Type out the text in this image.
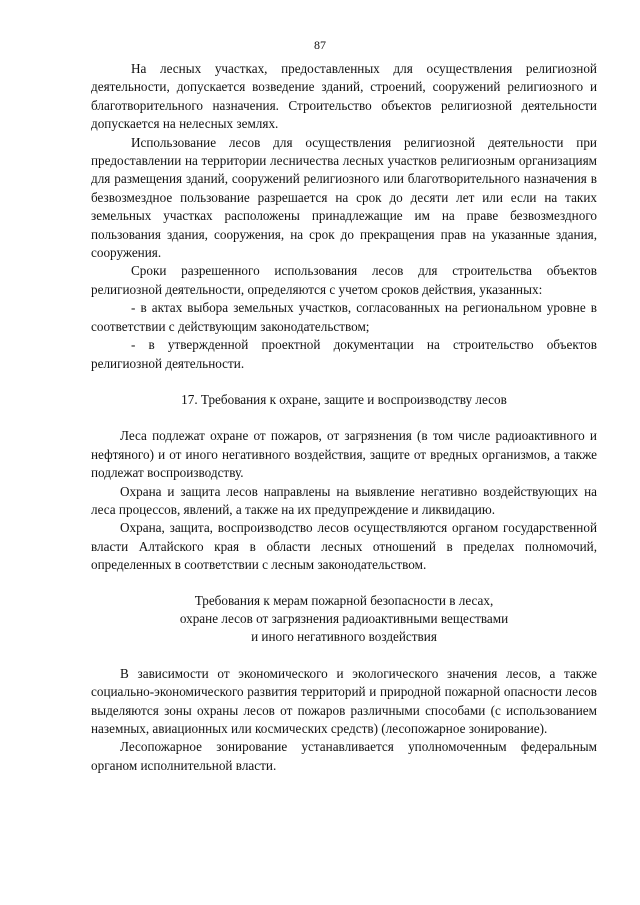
87

На лесных участках, предоставленных для осуществления религиозной деятельности, допускается возведение зданий, строений, сооружений религиозного и благотворительного назначения. Строительство объектов религиозной деятельности допускается на нелесных землях.

Использование лесов для осуществления религиозной деятельности при предоставлении на территории лесничества лесных участков религиозным организациям для размещения зданий, сооружений религиозного или благотворительного назначения в безвозмездное пользование разрешается на срок до десяти лет или если на таких земельных участках расположены принадлежащие им на праве безвозмездного пользования здания, сооружения, на срок до прекращения прав на указанные здания, сооружения.

Сроки разрешенного использования лесов для строительства объектов религиозной деятельности, определяются с учетом сроков действия, указанных:

- в актах выбора земельных участков, согласованных на региональном уровне в соответствии с действующим законодательством;

- в утвержденной проектной документации на строительство объектов религиозной деятельности.

17. Требования к охране, защите и воспроизводству лесов

Леса подлежат охране от пожаров, от загрязнения (в том числе радиоактивного и нефтяного) и от иного негативного воздействия, защите от вредных организмов, а также подлежат воспроизводству.

Охрана и защита лесов направлены на выявление негативно воздействующих на леса процессов, явлений, а также на их предупреждение и ликвидацию.

Охрана, защита, воспроизводство лесов осуществляются органом государственной власти Алтайского края в области лесных отношений в пределах полномочий, определенных в соответствии с лесным законодательством.

Требования к мерам пожарной безопасности в лесах,
охране лесов от загрязнения радиоактивными веществами
и иного негативного воздействия

В зависимости от экономического и экологического значения лесов, а также социально-экономического развития территорий и природной пожарной опасности лесов выделяются зоны охраны лесов от пожаров различными способами (с использованием наземных, авиационных или космических средств) (лесопожарное зонирование).

Лесопожарное зонирование устанавливается уполномоченным федеральным органом исполнительной власти.
